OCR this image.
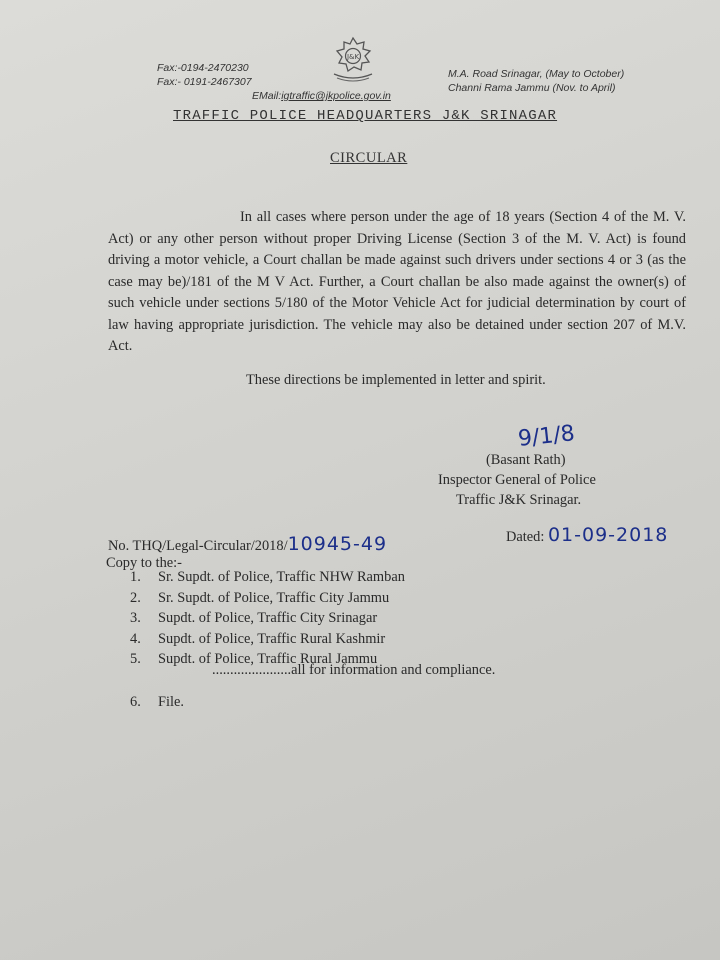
Fax:-0194-2470230
Fax:- 0191-2467307
EMail:igtraffic@jkpolice.gov.in
J&K
M.A. Road Srinagar, (May to October)
Channi Rama Jammu (Nov. to April)
TRAFFIC POLICE HEADQUARTERS J&K SRINAGAR
CIRCULAR
In all cases where person under the age of 18 years (Section 4 of the M. V. Act) or any other person without proper Driving License (Section 3 of the M. V. Act) is found driving a motor vehicle, a Court challan be made against such drivers under sections 4 or 3 (as the case may be)/181 of the M V Act. Further, a Court challan be also made against the owner(s) of such vehicle under sections 5/180 of the Motor Vehicle Act for judicial determination by court of law having appropriate jurisdiction. The vehicle may also be detained under section 207 of M.V. Act.
These directions be implemented in letter and spirit.
9/1/8
(Basant Rath)
Inspector General of Police
Traffic J&K Srinagar.
No. THQ/Legal-Circular/2018/10945-49	Dated: 01-09-2018
Copy to the:-
1. Sr. Supdt. of Police, Traffic NHW Ramban
2. Sr. Supdt. of Police, Traffic City Jammu
3. Supdt. of Police, Traffic City Srinagar
4. Supdt. of Police, Traffic Rural Kashmir
5. Supdt. of Police, Traffic Rural Jammu
......................all for information and compliance.
6. File.
